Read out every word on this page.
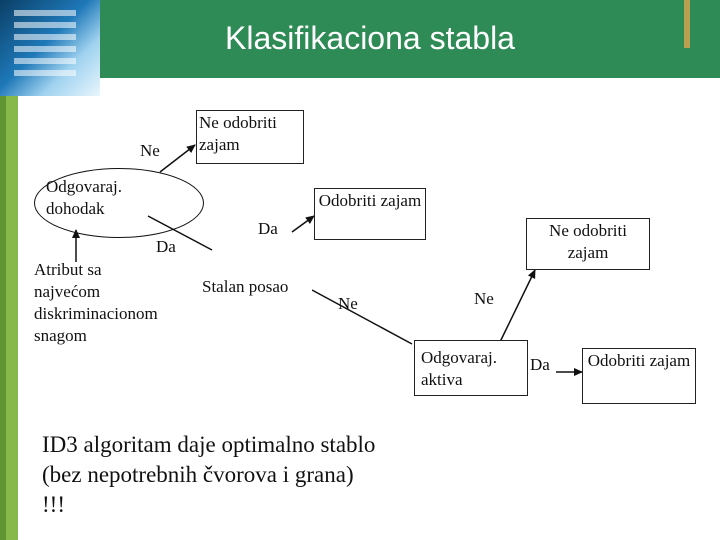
Klasifikaciona stabla
Ne odobriti zajam
Odgovaraj.
dohodak
Ne
Da
Atribut sa
najvećom
diskriminacionom
snagom
Stalan posao
Da
Odobriti zajam
Ne
Ne odobriti zajam
Ne
Odgovaraj. aktiva
Da	Odobriti zajam
ID3 algoritam daje optimalno stablo (bez nepotrebnih čvorova i grana) !!!
